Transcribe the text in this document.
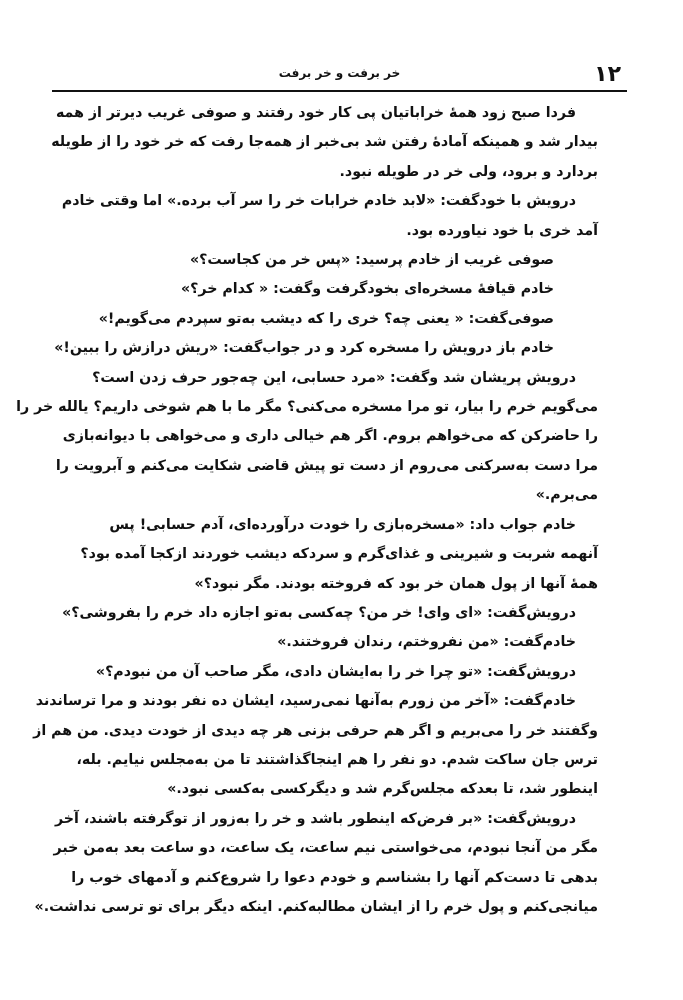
١٢
خر برفت و خر برفت
فردا صبح زود همهٔ خراباتیان پی کار خود رفتند و صوفی غریب دیرتر از همه
بیدار شد و همینکه آمادهٔ رفتن شد بی‌خبر از همه‌جا رفت که خر خود را از طویله
بردارد و برود، ولی خر در طویله نبود.
درویش با خودگفت: «لابد خادم خرابات خر را سر آب برده.» اما وقتی خادم
آمد خری با خود نیاورده بود.
صوفی غریب از خادم پرسید: «پس خر من کجاست؟»
خادم قیافهٔ مسخره‌ای بخودگرفت وگفت: « کدام خر؟»
صوفی‌گفت: « یعنی چه؟ خری را که دیشب به‌تو سپردم می‌گویم!»
خادم باز درویش را مسخره کرد و در جواب‌گفت: «ریش درازش را ببین!»
درویش پریشان شد وگفت: «مرد حسابی، این چه‌جور حرف زدن است؟
می‌گویم خرم را بیار، تو مرا مسخره می‌کنی؟ مگر ما با هم شوخی داریم؟ یالله خر را
را حاضرکن که می‌خواهم بروم. اگر هم خیالی داری و می‌خواهی با دیوانه‌بازی
مرا دست به‌سرکنی می‌روم از دست تو پیش قاضی شکایت می‌کنم و آبرویت را
می‌برم.»
خادم جواب داد: «مسخره‌بازی را خودت درآورده‌ای، آدم حسابی! پس
آنهمه شربت و شیرینی و غذای‌گرم و سردکه دیشب خوردند ازکجا آمده بود؟
همهٔ آنها از پول همان خر بود که فروخته بودند. مگر نبود؟»
درویش‌گفت: «ای وای! خر من؟ چه‌کسی به‌تو اجازه داد خرم را بفروشی؟»
خادم‌گفت: «من نفروختم، رندان فروختند.»
درویش‌گفت: «تو چرا خر را به‌ایشان دادی، مگر صاحب آن من نبودم؟»
خادم‌گفت: «آخر من زورم به‌آنها نمی‌رسید، ایشان ده نفر بودند و مرا ترساندند
وگفتند خر را می‌بریم و اگر هم حرفی بزنی هر چه دیدی از خودت دیدی. من هم از
ترس جان ساکت شدم. دو نفر را هم اینجاگذاشتند تا من به‌مجلس نیایم. بله،
اینطور شد، تا بعدکه مجلس‌گرم شد و دیگرکسی به‌کسی نبود.»
درویش‌گفت: «بر فرض‌که اینطور باشد و خر را به‌زور از توگرفته باشند، آخر
مگر من آنجا نبودم، می‌خواستی نیم ساعت، یک ساعت، دو ساعت بعد به‌من خبر
بدهی تا دست‌کم آنها را بشناسم و خودم دعوا را شروع‌کنم و آدمهای خوب را
میانجی‌کنم و پول خرم را از ایشان مطالبه‌کنم. اینکه دیگر برای تو ترسی نداشت.»
